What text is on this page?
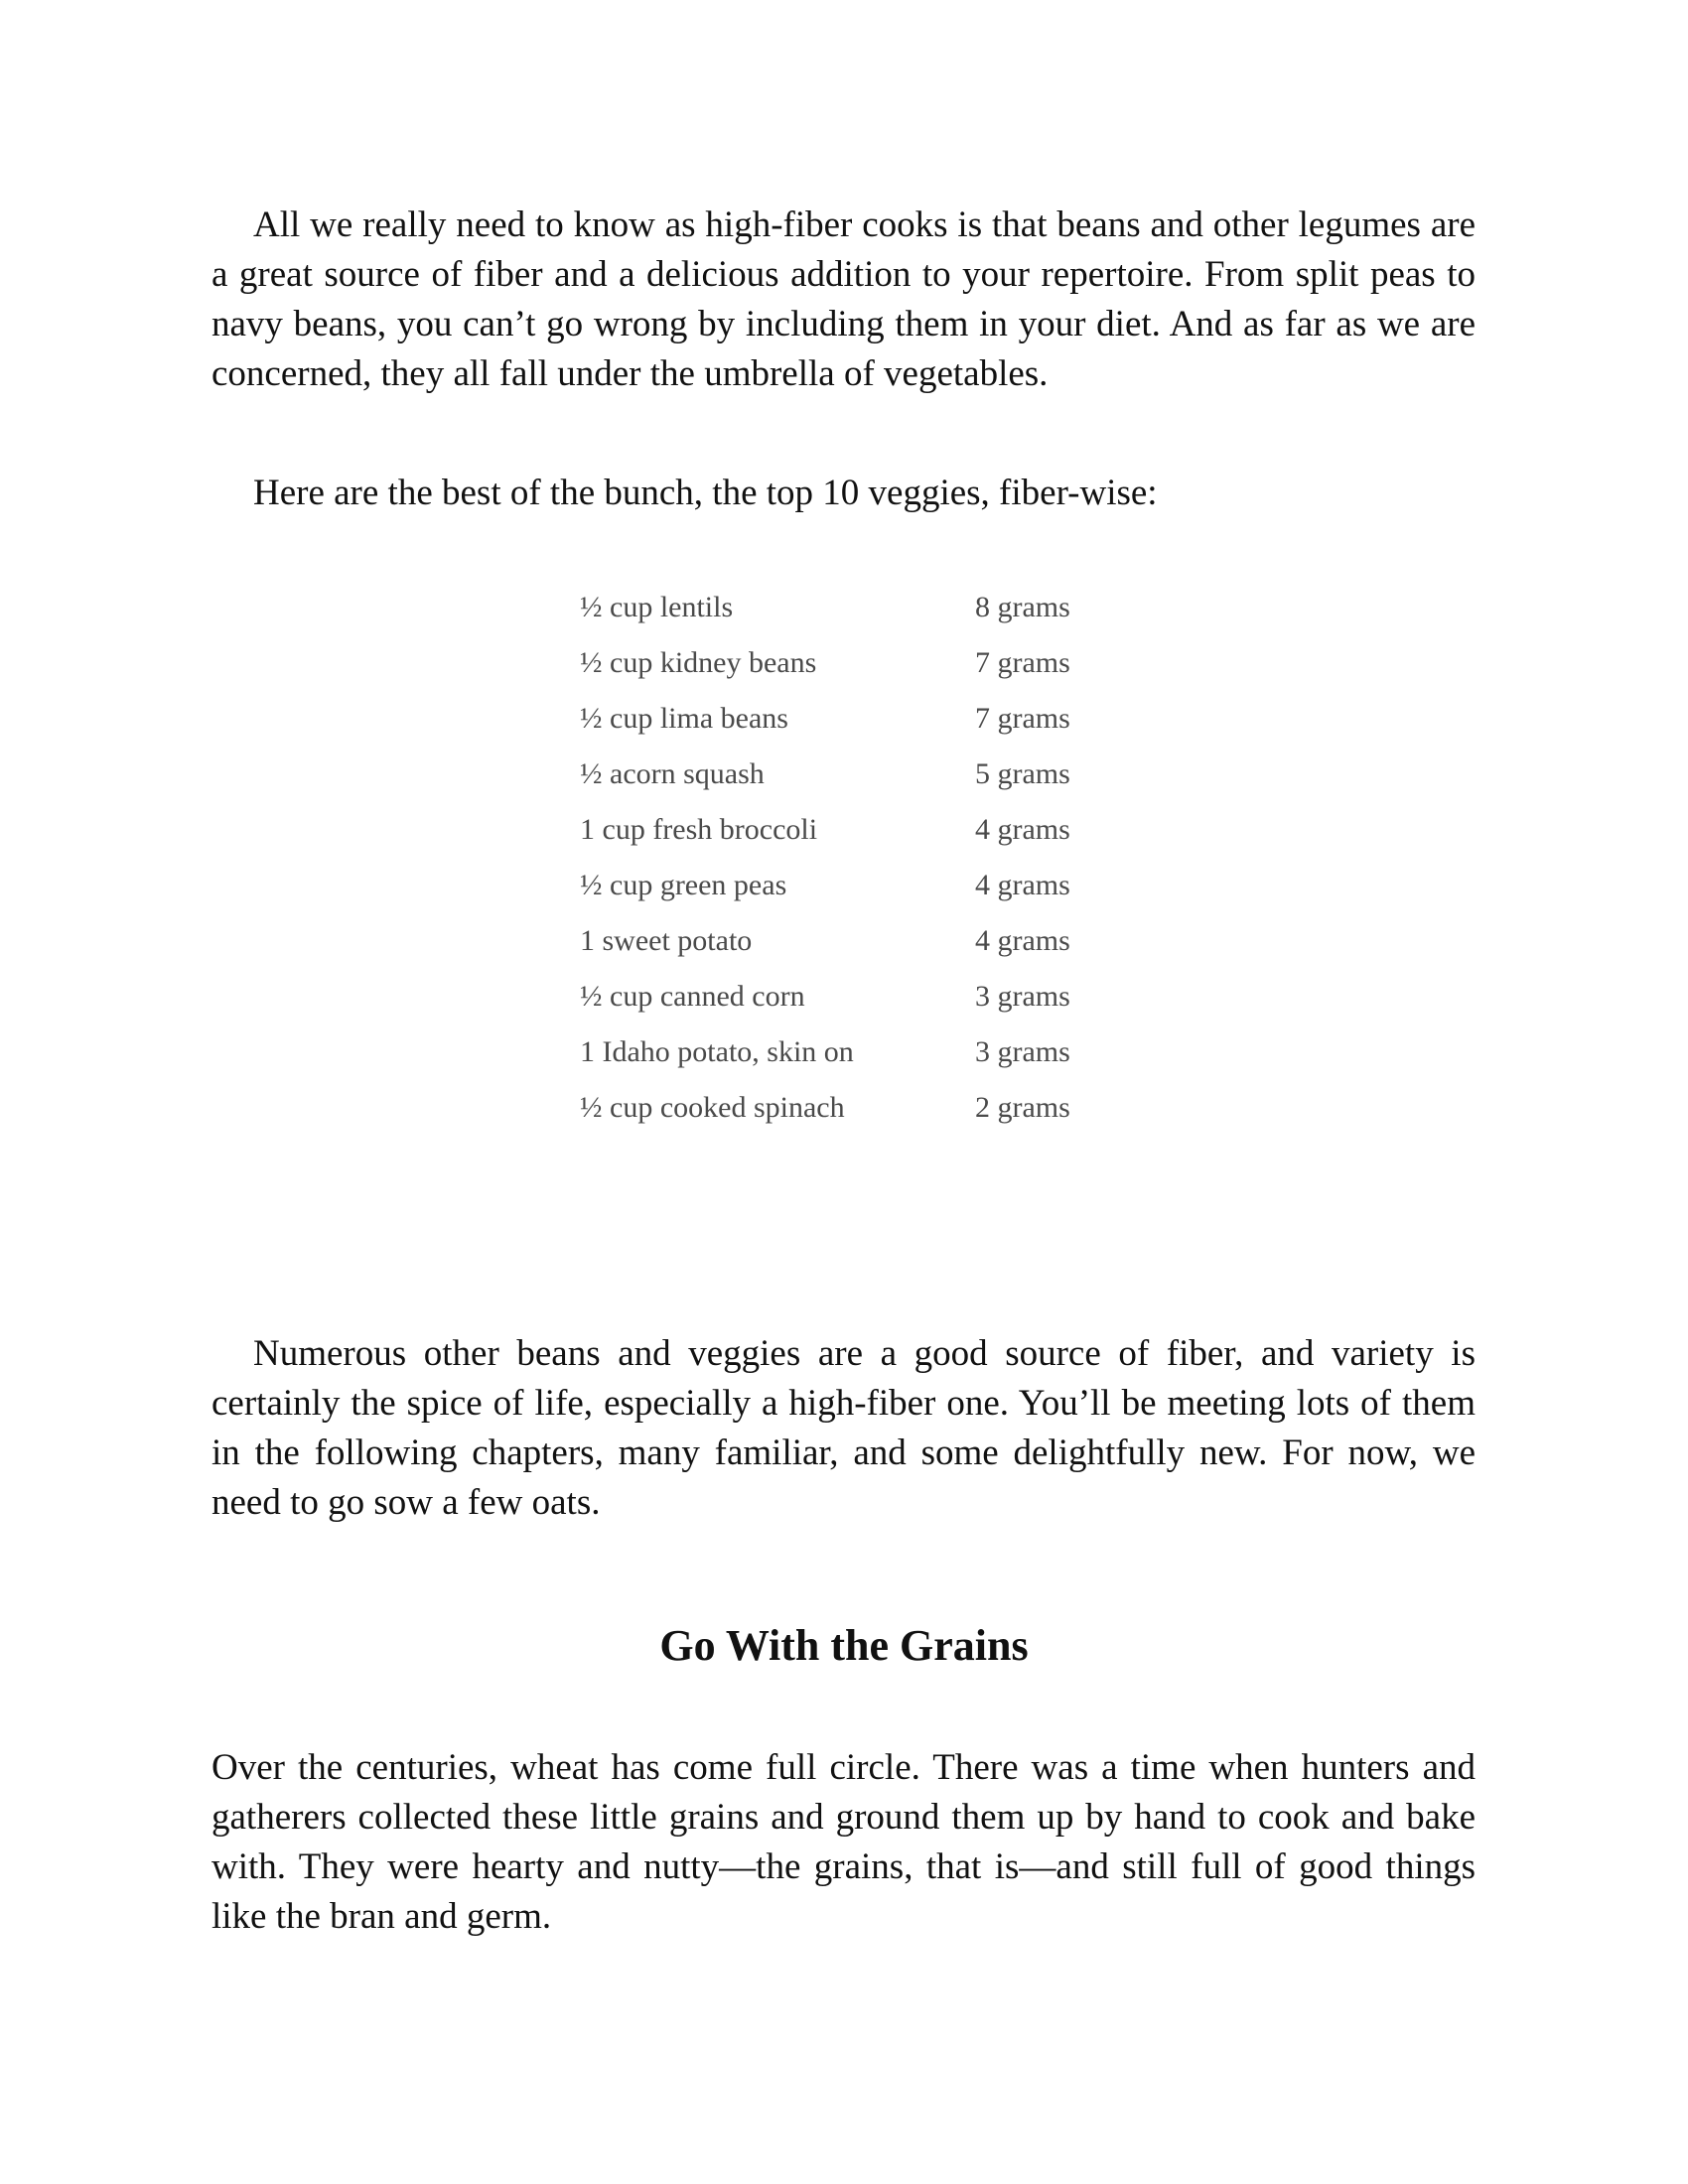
All we really need to know as high-fiber cooks is that beans and other legumes are a great source of fiber and a delicious addition to your repertoire. From split peas to navy beans, you can’t go wrong by including them in your diet. And as far as we are concerned, they all fall under the umbrella of vegetables.

Here are the best of the bunch, the top 10 veggies, fiber-wise:

½ cup lentils	8 grams
½ cup kidney beans	7 grams
½ cup lima beans	7 grams
½ acorn squash	5 grams
1 cup fresh broccoli	4 grams
½ cup green peas	4 grams
1 sweet potato	4 grams
½ cup canned corn	3 grams
1 Idaho potato, skin on	3 grams
½ cup cooked spinach	2 grams

Numerous other beans and veggies are a good source of fiber, and variety is certainly the spice of life, especially a high-fiber one. You’ll be meeting lots of them in the following chapters, many familiar, and some delightfully new. For now, we need to go sow a few oats.

Go With the Grains

Over the centuries, wheat has come full circle. There was a time when hunters and gatherers collected these little grains and ground them up by hand to cook and bake with. They were hearty and nutty—the grains, that is—and still full of good things like the bran and germ.
